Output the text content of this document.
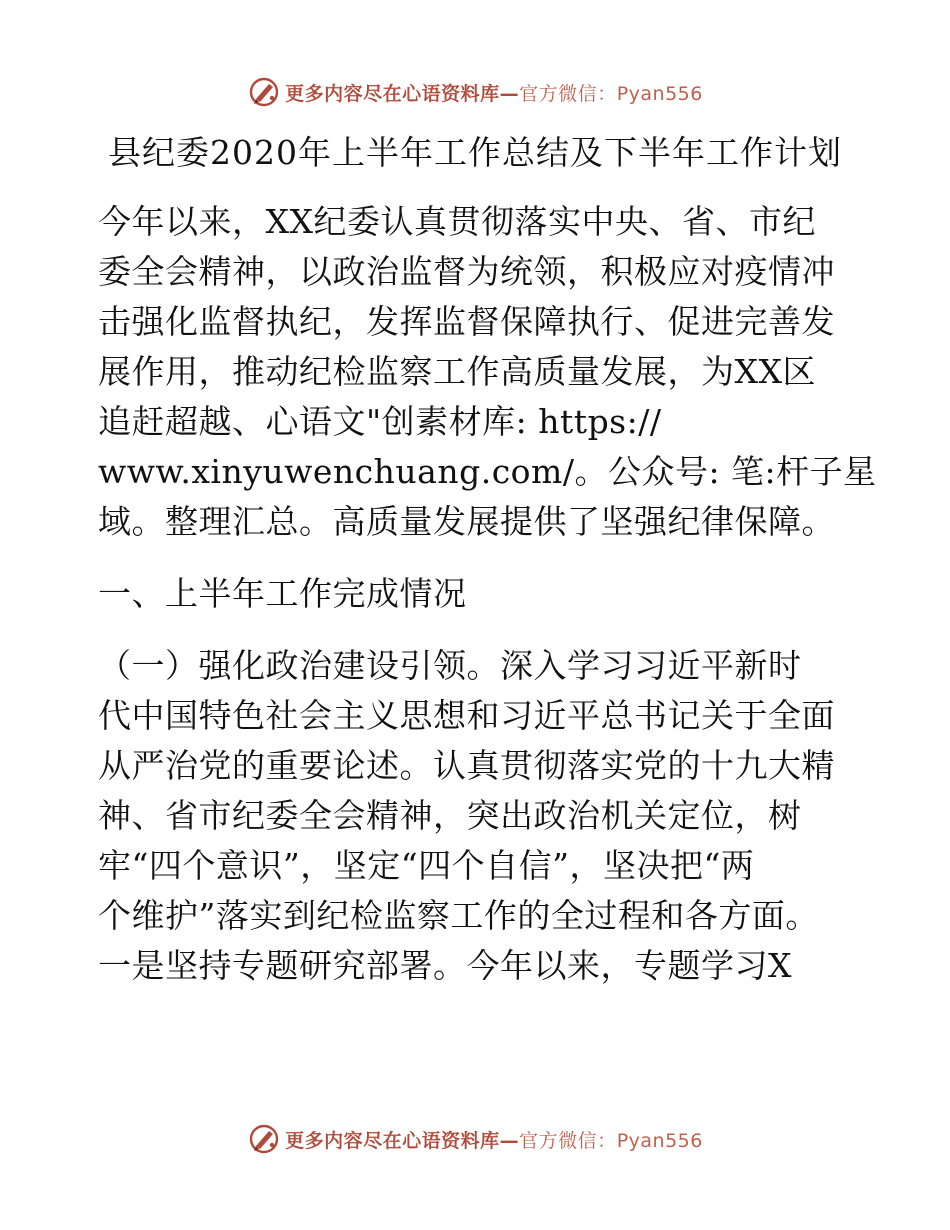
更多内容尽在心语资料库—官方微信：Pyan556
县纪委2020年上半年工作总结及下半年工作计划
今年以来，XX纪委认真贯彻落实中央、省、市纪
委全会精神，以政治监督为统领，积极应对疫情冲
击强化监督执纪，发挥监督保障执行、促进完善发
展作用，推动纪检监察工作高质量发展，为XX区
追赶超越、心语文"创素材库: https://
www.xinyuwenchuang.com/。公众号: 笔:杆子星
域。整理汇总。高质量发展提供了坚强纪律保障。
一、上半年工作完成情况
（一）强化政治建设引领。深入学习习近平新时
代中国特色社会主义思想和习近平总书记关于全面
从严治党的重要论述。认真贯彻落实党的十九大精
神、省市纪委全会精神，突出政治机关定位，树
牢“四个意识”，坚定“四个自信”，坚决把“两
个维护”落实到纪检监察工作的全过程和各方面。
一是坚持专题研究部署。今年以来，专题学习X
更多内容尽在心语资料库—官方微信：Pyan556
